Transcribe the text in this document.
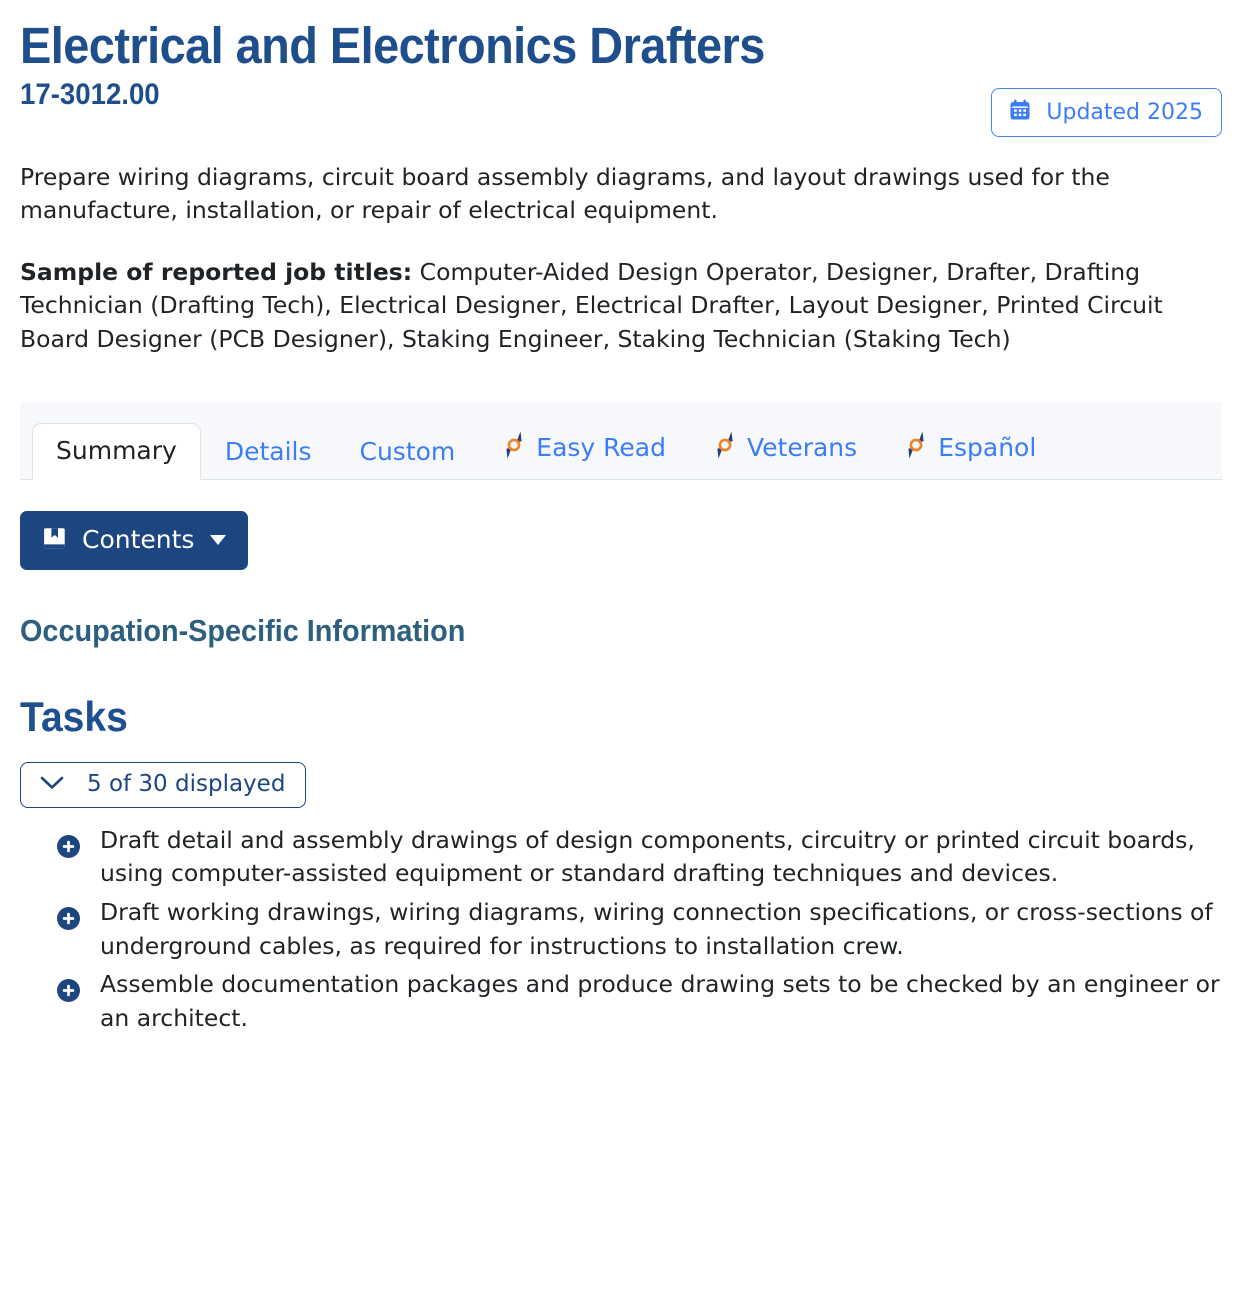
Electrical and Electronics Drafters
17-3012.00
Updated 2025

Prepare wiring diagrams, circuit board assembly diagrams, and layout drawings used for the manufacture, installation, or repair of electrical equipment.

Sample of reported job titles: Computer-Aided Design Operator, Designer, Drafter, Drafting Technician (Drafting Tech), Electrical Designer, Electrical Drafter, Layout Designer, Printed Circuit Board Designer (PCB Designer), Staking Engineer, Staking Technician (Staking Tech)

Summary Details Custom	Easy Read	Veterans	Español
Contents
Occupation-Specific Information
Tasks
5 of 30 displayed
Draft detail and assembly drawings of design components, circuitry or printed circuit boards, using computer-assisted equipment or standard drafting techniques and devices.
Draft working drawings, wiring diagrams, wiring connection specifications, or cross-sections of underground cables, as required for instructions to installation crew.
Assemble documentation packages and produce drawing sets to be checked by an engineer or an architect.
